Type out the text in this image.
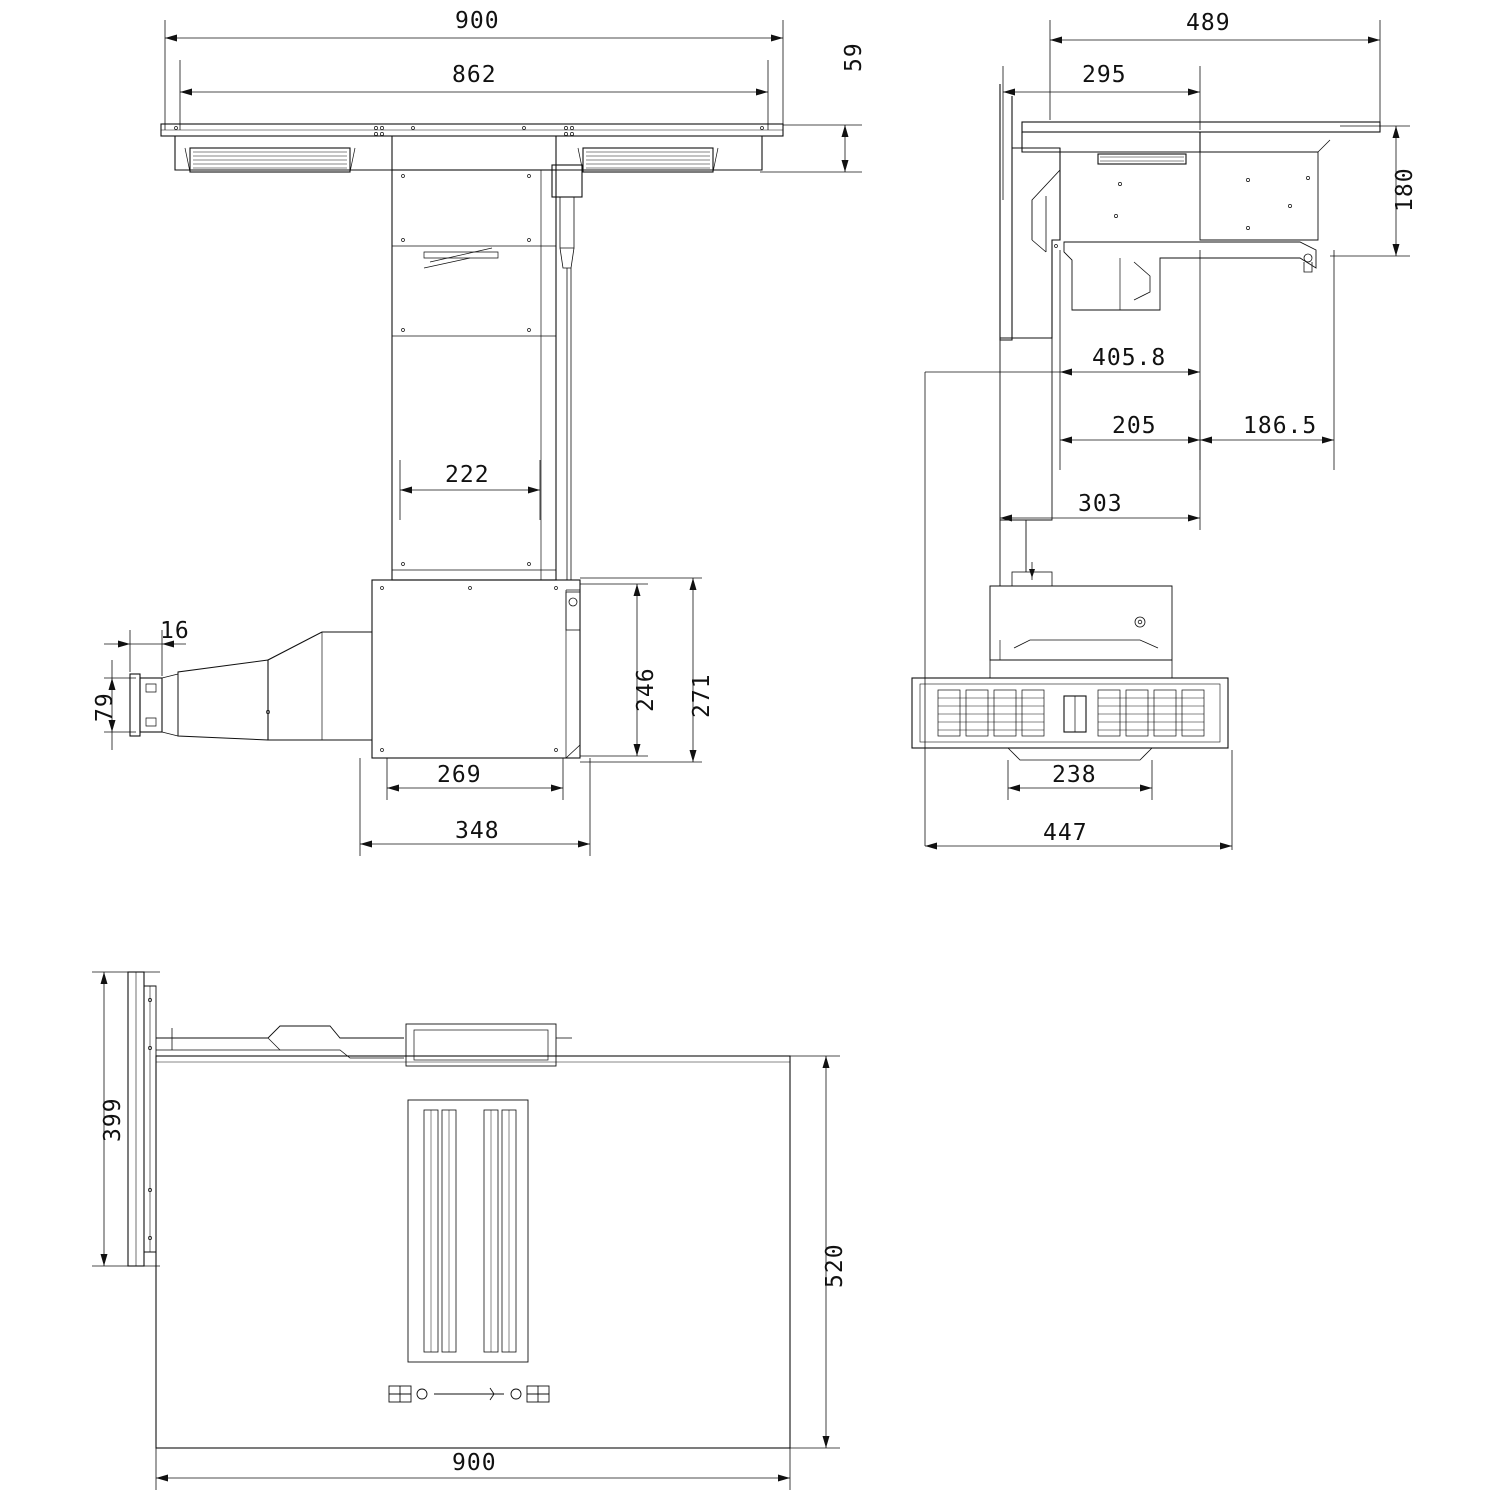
900
862
59
222
246 271
269
348
16
79
489
295
180
405.8
205	186.5
303
238
447
399
520
900
